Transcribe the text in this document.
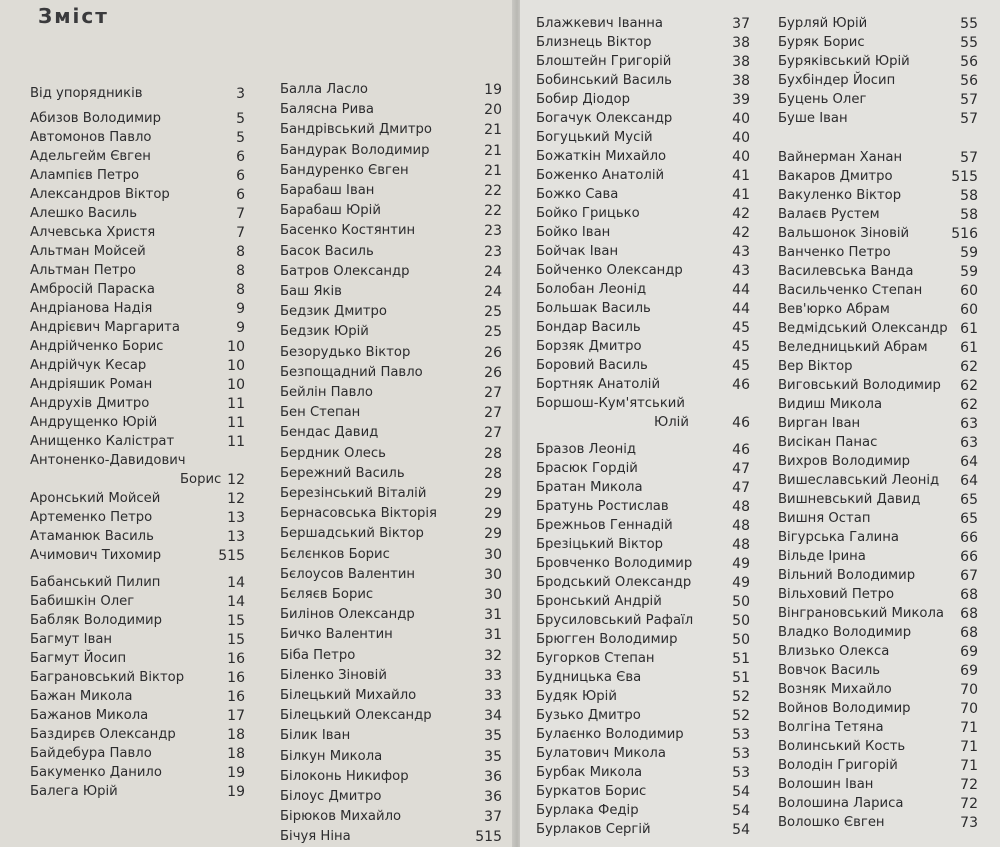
Зміст
Від упорядників	3
Абизов Володимир	5
Автомонов Павло	5
Адельгейм Євген	6
Алампієв Петро	6
Александров Віктор	6
Алешко Василь	7
Алчевська Христя	7
Альтман Мойсей	8
Альтман Петро	8
Амбросій Параска	8
Андріанова Надія	9
Андрієвич Маргарита	9
Андрійченко Борис	10
Андрійчук Кесар	10
Андріяшик Роман	10
Андрухів Дмитро	11
Андрущенко Юрій	11
Анищенко Каліcтрат	11
Антоненко-Давидович
Борис 12
Аронський Мойсей	12
Артеменко Петро	13
Атаманюк Василь	13
Ачимович Тихомир	515
Бабанський Пилип	14
Бабишкін Олег	14
Бабляк Володимир	15
Багмут Іван	15
Багмут Йосип	16
Баграновський Віктор	16
Бажан Микола	16
Бажанов Микола	17
Баздирєв Олександр	18
Байдебура Павло	18
Бакуменко Данило	19
Балега Юрій	19
Балла Ласло	19
Балясна Рива	20
Бандрівський Дмитро	21
Бандурак Володимир	21
Бандуренко Євген	21
Барабаш Іван	22
Барабаш Юрій	22
Басенко Костянтин	23
Басок Василь	23
Батров Олександр	24
Баш Яків	24
Бедзик Дмитро	25
Бедзик Юрій	25
Безорудько Віктор	26
Безпощадний Павло	26
Бейлін Павло	27
Бен Степан	27
Бендас Давид	27
Бердник Олесь	28
Бережний Василь	28
Березінський Віталій	29
Бернасовська Вікторія	29
Бершадський Віктор	29
Бєлєнков Борис	30
Бєлоусов Валентин	30
Бєляєв Борис	30
Билінов Олександр	31
Бичко Валентин	31
Біба Петро	32
Біленко Зіновій	33
Білецький Михайло	33
Білецький Олександр	34
Білик Іван	35
Білкун Микола	35
Білоконь Никифор	36
Білоус Дмитро	36
Бірюков Михайло	37
Бічуя Ніна	515
Блажкевич Іванна	37
Близнець Віктор	38
Блоштейн Григорій	38
Бобинський Василь	38
Бобир Діодор	39
Богачук Олександр	40
Богуцький Мусій	40
Божаткін Михайло	40
Боженко Анатолій	41
Божко Сава	41
Бойко Грицько	42
Бойко Іван	42
Бойчак Іван	43
Бойченко Олександр	43
Болобан Леонід	44
Большак Василь	44
Бондар Василь	45
Борзяк Дмитро	45
Боровий Василь	45
Бортняк Анатолій	46
Боршош-Кум'ятський
Юлій	46
Бразов Леонід	46
Брасюк Гордій	47
Братан Микола	47
Братунь Ростислав	48
Брежньов Геннадій	48
Брезіцький Віктор	48
Бровченко Володимир	49
Бродський Олександр	49
Бронський Андрій	50
Брусиловський Рафаїл	50
Брюгген Володимир	50
Бугорков Степан	51
Будницька Єва	51
Будяк Юрій	52
Бузько Дмитро	52
Булаєнко Володимир	53
Булатович Микола	53
Бурбак Микола	53
Буркатов Борис	54
Бурлака Федір	54
Бурлаков Сергій	54
Бурляй Юрій	55
Буряк Борис	55
Буряківський Юрій	56
Бухбіндер Йосип	56
Буцень Олег	57
Буше Іван	57
Вайнерман Ханан	57
Вакаров Дмитро	515
Вакуленко Віктор	58
Валаєв Рустем	58
Вальшонок Зіновій	516
Ванченко Петро	59
Василевська Ванда	59
Васильченко Степан	60
Вев'юрко Абрам	60
Ведмідський Олександр 61
Веледницький Абрам 61
Вер Віктор	62
Виговський Володимир 62
Видиш Микола	62
Вирган Іван	63
Висікан Панас	63
Вихров Володимир	64
Вишеславський Леонід 64
Вишневський Давид	65
Вишня Остап	65
Вігурська Галина	66
Вільде Ірина	66
Вільний Володимир	67
Вільховий Петро	68
Вінграновський Микола 68
Владко Володимир	68
Влизько Олекса	69
Вовчок Василь	69
Возняк Михайло	70
Войнов Володимир	70
Волгіна Тетяна	71
Волинський Кость	71
Володін Григорій	71
Волошин Іван	72
Волошина Лариса	72
Волошко Євген	73
